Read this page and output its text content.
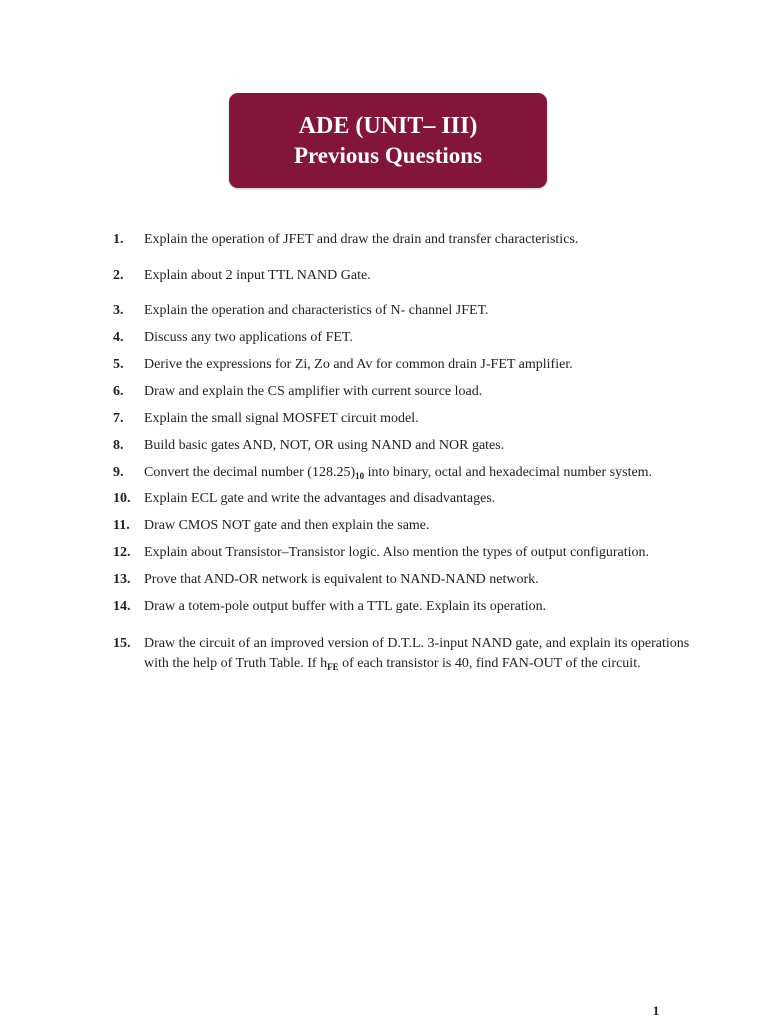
ADE (UNIT– III)
Previous Questions
1.	Explain the operation of JFET and draw the drain and transfer characteristics.
2.	Explain about 2 input TTL NAND Gate.
3.	Explain the operation and characteristics of N- channel JFET.
4.	Discuss any two applications of FET.
5.	Derive the expressions for Zi, Zo and Av for common drain J-FET amplifier.
6.	Draw and explain the CS amplifier with current source load.
7.	Explain the small signal MOSFET circuit model.
8.	Build basic gates AND, NOT, OR using NAND and NOR gates.
9.	Convert the decimal number $(128.25)_{10}$ into binary, octal and hexadecimal number system.
10. Explain ECL gate and write the advantages and disadvantages.
11.	Draw CMOS NOT gate and then explain the same.
12. Explain about Transistor–Transistor logic. Also mention the types of output configuration.
13. Prove that AND-OR network is equivalent to NAND-NAND network.
14. Draw a totem-pole output buffer with a TTL gate. Explain its operation.
15. Draw the circuit of an improved version of D.T.L. 3-input NAND gate, and explain its operations with the help of Truth Table. If $h_{FE}$ of each transistor is 40, find FAN-OUT of the circuit.
1
